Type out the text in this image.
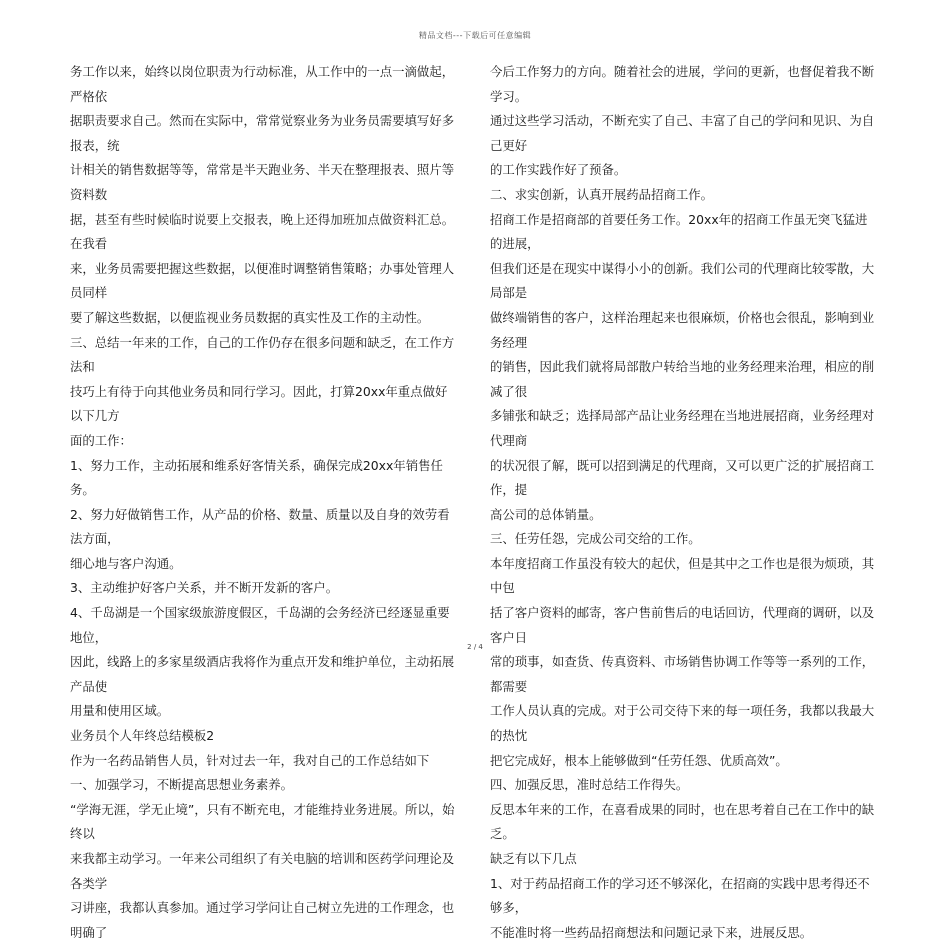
精品文档---下载后可任意编辑

务工作以来，始终以岗位职责为行动标准，从工作中的一点一滴做起，严格依

据职责要求自己。然而在实际中，常常觉察业务为业务员需要填写好多报表，统

计相关的销售数据等等，常常是半天跑业务、半天在整理报表、照片等资料数

据，甚至有些时候临时说要上交报表，晚上还得加班加点做资料汇总。在我看

来，业务员需要把握这些数据，以便准时调整销售策略；办事处管理人员同样

要了解这些数据，以便监视业务员数据的真实性及工作的主动性。

三、总结一年来的工作，自己的工作仍存在很多问题和缺乏，在工作方法和

技巧上有待于向其他业务员和同行学习。因此，打算20xx年重点做好以下几方

面的工作：

1、努力工作，主动拓展和维系好客情关系，确保完成20xx年销售任务。

2、努力好做销售工作，从产品的价格、数量、质量以及自身的效劳看法方面，

细心地与客户沟通。

3、主动维护好客户关系，并不断开发新的客户。

4、千岛湖是一个国家级旅游度假区，千岛湖的会务经济已经逐显重要地位，

因此，线路上的多家星级酒店我将作为重点开发和维护单位，主动拓展产品使

用量和使用区域。

业务员个人年终总结模板2

作为一名药品销售人员，针对过去一年，我对自己的工作总结如下

一、加强学习，不断提高思想业务素养。

“学海无涯，学无止境”，只有不断充电，才能维持业务进展。所以，始终以

来我都主动学习。一年来公司组织了有关电脑的培训和医药学问理论及各类学

习讲座，我都认真参加。通过学习学问让自己树立先进的工作理念，也明确了

今后工作努力的方向。随着社会的进展，学问的更新，也督促着我不断学习。

通过这些学习活动，不断充实了自己、丰富了自己的学问和见识、为自己更好

的工作实践作好了预备。

二、求实创新，认真开展药品招商工作。

招商工作是招商部的首要任务工作。20xx年的招商工作虽无突飞猛进的进展，

但我们还是在现实中谋得小小的创新。我们公司的代理商比较零散，大局部是

做终端销售的客户，这样治理起来也很麻烦，价格也会很乱，影响到业务经理

的销售，因此我们就将局部散户转给当地的业务经理来治理，相应的削减了很

多铺张和缺乏；选择局部产品让业务经理在当地进展招商，业务经理对代理商

的状况很了解，既可以招到满足的代理商，又可以更广泛的扩展招商工作，提

高公司的总体销量。

三、任劳任怨，完成公司交给的工作。

本年度招商工作虽没有较大的起伏，但是其中之工作也是很为烦琐，其中包

括了客户资料的邮寄，客户售前售后的电话回访，代理商的调研，以及客户日

常的琐事，如查货、传真资料、市场销售协调工作等等一系列的工作，都需要

工作人员认真的完成。对于公司交待下来的每一项任务，我都以我最大的热忱

把它完成好，根本上能够做到“任劳任怨、优质高效”。

四、加强反思，准时总结工作得失。

反思本年来的工作，在喜看成果的同时，也在思考着自己在工作中的缺乏。

缺乏有以下几点

1、对于药品招商工作的学习还不够深化，在招商的实践中思考得还不够多，

不能准时将一些药品招商想法和问题记录下来，进展反思。

2 / 4
